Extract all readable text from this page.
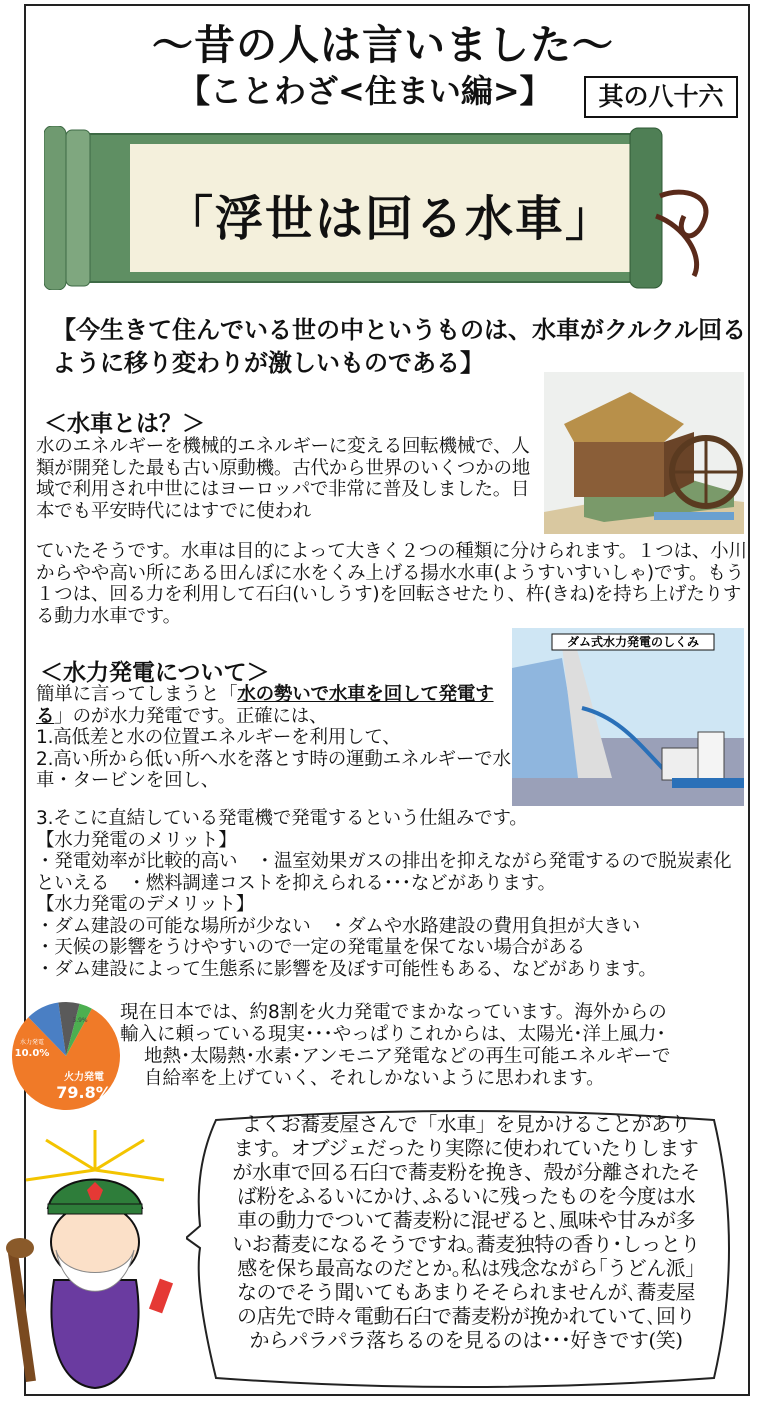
～昔の人は言いました～
【ことわざ<住まい編>】	其の八十六
「浮世は回る水車」
【今生きて住んでいる世の中というものは、水車がクルクル回るように移り変わりが激しいものである】
＜水車とは？＞
水のエネルギーを機械的エネルギーに変える回転機械で、人類が開発した最も古い原動機。古代から世界のいくつかの地域で利用され中世にはヨーロッパで非常に普及しました。日本でも平安時代にはすでに使われ
ていたそうです。水車は目的によって大きく２つの種類に分けられます。１つは、小川からやや高い所にある田んぼに水をくみ上げる揚水水車(ようすいすいしゃ)です。もう１つは、回る力を利用して石臼(いしうす)を回転させたり、杵(きね)を持ち上げたりする動力水車です。
ダム式水力発電のしくみ
＜水力発電について＞
簡単に言ってしまうと「水の勢いで水車を回して発電する」のが水力発電です。正確には、
1.高低差と水の位置エネルギーを利用して、
2.高い所から低い所へ水を落とす時の運動エネルギーで水車・タービンを回し、
3.そこに直結している発電機で発電するという仕組みです。
【水力発電のメリット】
・発電効率が比較的高い　・温室効果ガスの排出を抑えながら発電するので脱炭素化といえる　・燃料調達コストを抑えられる･･･などがあります。
【水力発電のデメリット】
・ダム建設の可能な場所が少ない　・ダムや水路建設の費用負担が大きい
・天候の影響をうけやすいので一定の発電量を保てない場合がある
・ダム建設によって生態系に影響を及ぼす可能性もある、などがあります。
火力発電
79.8%
水力発電
10.0%
3.9% 現在日本では、約8割を火力発電でまかなっています。海外からの
輸入に頼っている現実･･･やっぱりこれからは、太陽光･洋上風力･
地熱･太陽熱･水素･アンモニア発電などの再生可能エネルギーで
自給率を上げていく、それしかないように思われます。
よくお蕎麦屋さんで「水車」を見かけることがあり
ます。オブジェだったり実際に使われていたりします
が水車で回る石臼で蕎麦粉を挽き、殻が分離されたそ
ば粉をふるいにかけ､ふるいに残ったものを今度は水
車の動力でついて蕎麦粉に混ぜると､風味や甘みが多
いお蕎麦になるそうですね｡蕎麦独特の香り･しっとり
感を保ち最高なのだとか｡私は残念ながら｢うどん派｣
なのでそう聞いてもあまりそそられませんが､蕎麦屋
の店先で時々電動石臼で蕎麦粉が挽かれていて､回り
からパラパラ落ちるのを見るのは･･･好きです(笑)
